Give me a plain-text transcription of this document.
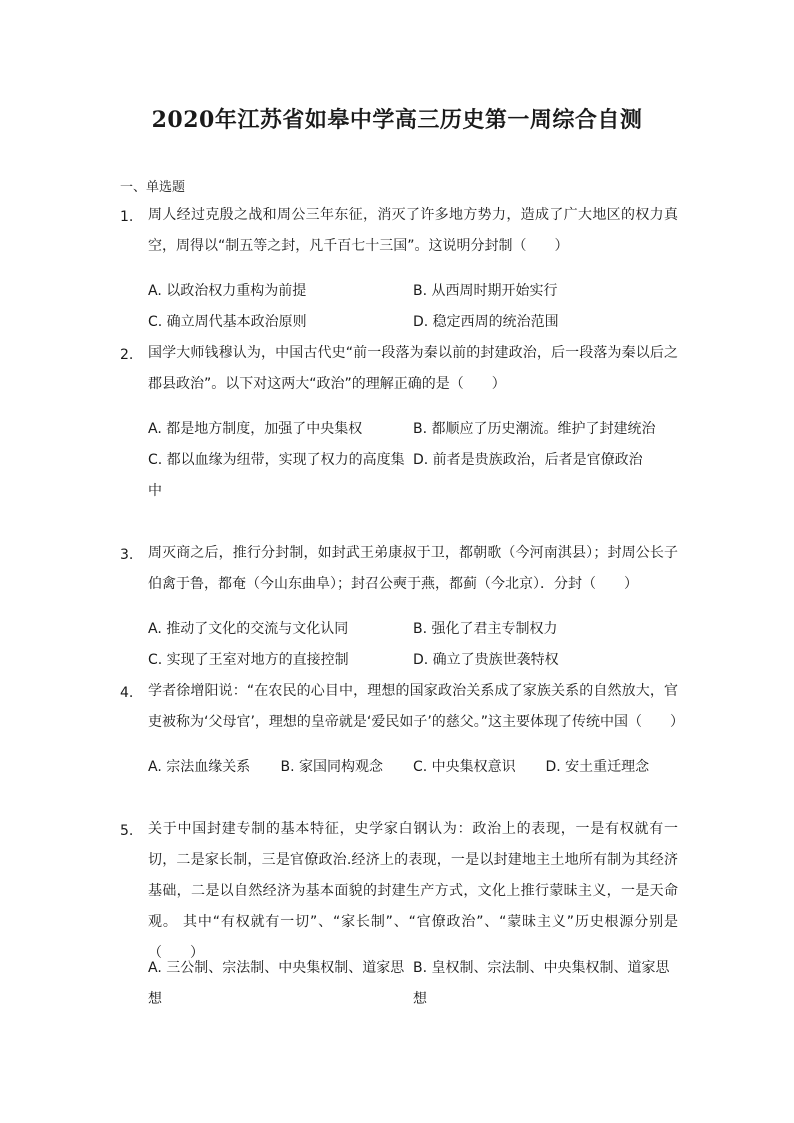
2020年江苏省如皋中学高三历史第一周综合自测
一、单选题
1. 周人经过克殷之战和周公三年东征，消灭了许多地方势力，造成了广大地区的权力真空，周得以“制五等之封，凡千百七十三国”。这说明分封制（　　）
A. 以政治权力重构为前提	B. 从西周时期开始实行
C. 确立周代基本政治原则	D. 稳定西周的统治范围
2. 国学大师钱穆认为，中国古代史“前一段落为秦以前的封建政治，后一段落为秦以后之郡县政治”。以下对这两大“政治”的理解正确的是（　　）
A. 都是地方制度，加强了中央集权	B. 都顺应了历史潮流。维护了封建统治
C. 都以血缘为纽带，实现了权力的高度集中
D. 前者是贵族政治，后者是官僚政治
3. 周灭商之后，推行分封制，如封武王弟康叔于卫，都朝歌（今河南淇县）；封周公长子伯禽于鲁，都奄（今山东曲阜）；封召公奭于燕，都蓟（今北京）．分封（　　）
A. 推动了文化的交流与文化认同	B. 强化了君主专制权力
C. 实现了王室对地方的直接控制	D. 确立了贵族世袭特权
4. 学者徐增阳说：“在农民的心目中，理想的国家政治关系成了家族关系的自然放大，官吏被称为‘父母官’，理想的皇帝就是‘爱民如子’的慈父。”这主要体现了传统中国（　　）
A. 宗法血缘关系	B. 家国同构观念	C. 中央集权意识	D. 安土重迁理念
5. 关于中国封建专制的基本特征，史学家白钢认为：政治上的表现，一是有权就有一切，二是家长制，三是官僚政治.经济上的表现，一是以封建地主土地所有制为其经济基础，二是以自然经济为基本面貌的封建生产方式，文化上推行蒙昧主义，一是天命观。 其中“有权就有一切”、“家长制”、“官僚政治”、“蒙昧主义”历史根源分别是（　　）
A. 三公制、宗法制、中央集权制、道家思想
B. 皇权制、宗法制、中央集权制、道家思想
